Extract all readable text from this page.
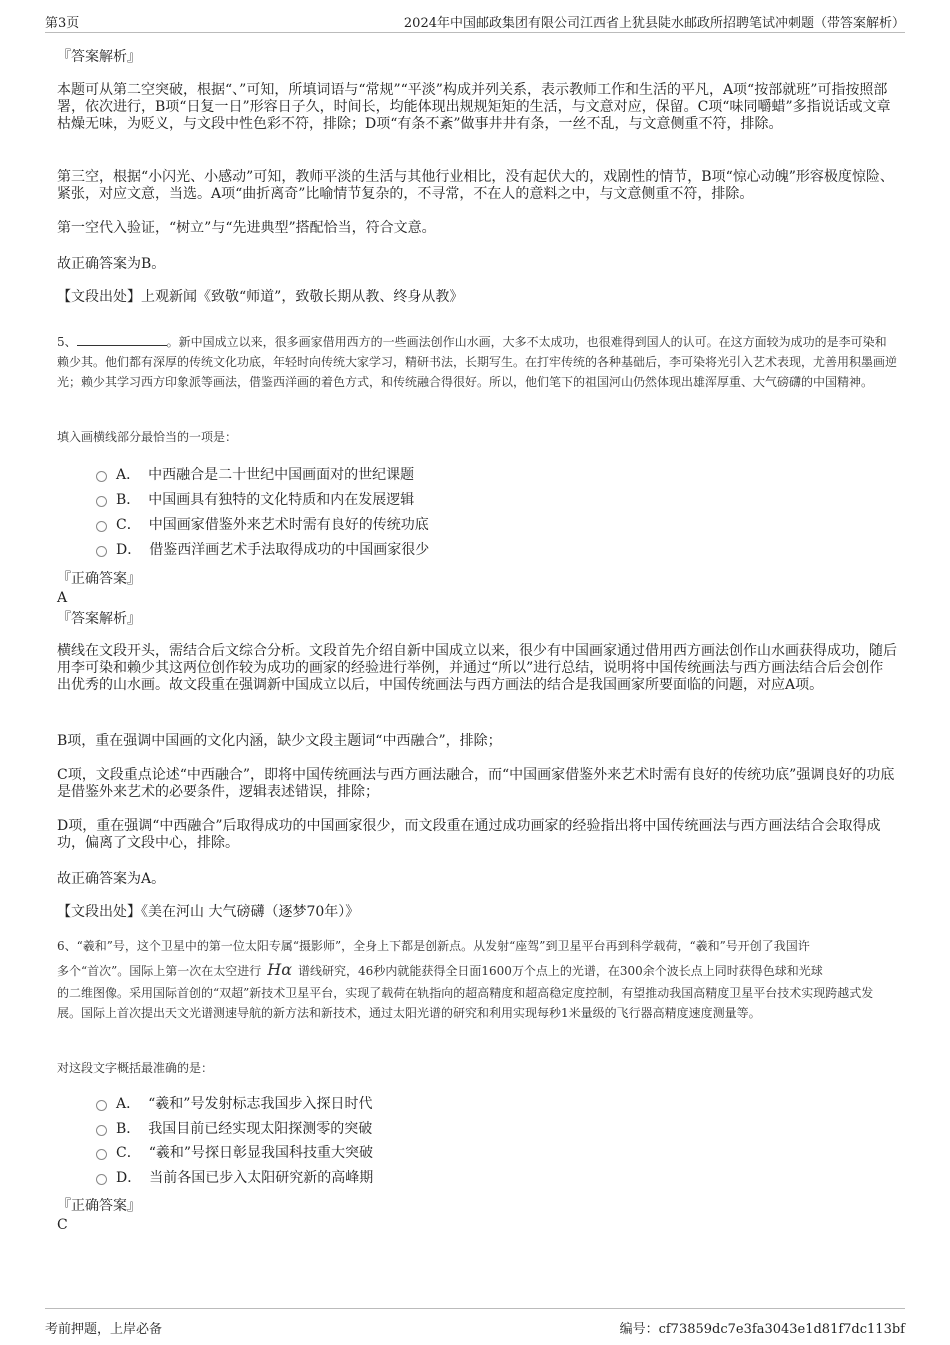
第3页	2024年中国邮政集团有限公司江西省上犹县陡水邮政所招聘笔试冲刺题（带答案解析）
『答案解析』
本题可从第二空突破，根据“、”可知，所填词语与“常规”“平淡”构成并列关系，表示教师工作和生活的平凡，A项“按部就班”可指按照部署，依次进行，B项“日复一日”形容日子久，时间长，均能体现出规规矩矩的生活，与文意对应，保留。C项“味同嚼蜡”多指说话或文章枯燥无味，为贬义，与文段中性色彩不符，排除；D项“有条不紊”做事井井有条，一丝不乱，与文意侧重不符，排除。
第三空，根据“小闪光、小感动”可知，教师平淡的生活与其他行业相比，没有起伏大的，戏剧性的情节，B项“惊心动魄”形容极度惊险、紧张，对应文意，当选。A项“曲折离奇”比喻情节复杂的，不寻常，不在人的意料之中，与文意侧重不符，排除。
第一空代入验证，“树立”与“先进典型”搭配恰当，符合文意。
故正确答案为B。
【文段出处】上观新闻《致敬“师道”，致敬长期从教、终身从教》
5、	。新中国成立以来，很多画家借用西方的一些画法创作山水画，大多不太成功，也很难得到国人的认可。在这方面较为成功的是李可染和赖少其。他们都有深厚的传统文化功底，年轻时向传统大家学习，精研书法，长期写生。在打牢传统的各种基础后，李可染将光引入艺术表现，尤善用积墨画逆光；赖少其学习西方印象派等画法，借鉴西洋画的着色方式，和传统融合得很好。所以，他们笔下的祖国河山仍然体现出雄浑厚重、大气磅礴的中国精神。
填入画横线部分最恰当的一项是：
A． 中西融合是二十世纪中国画面对的世纪课题
B． 中国画具有独特的文化特质和内在发展逻辑
C． 中国画家借鉴外来艺术时需有良好的传统功底
D． 借鉴西洋画艺术手法取得成功的中国画家很少
『正确答案』
A
『答案解析』
横线在文段开头，需结合后文综合分析。文段首先介绍自新中国成立以来，很少有中国画家通过借用西方画法创作山水画获得成功，随后用李可染和赖少其这两位创作较为成功的画家的经验进行举例，并通过“所以”进行总结，说明将中国传统画法与西方画法结合后会创作出优秀的山水画。故文段重在强调新中国成立以后，中国传统画法与西方画法的结合是我国画家所要面临的问题，对应A项。
B项，重在强调中国画的文化内涵，缺少文段主题词“中西融合”，排除；
C项，文段重点论述“中西融合”，即将中国传统画法与西方画法融合，而“中国画家借鉴外来艺术时需有良好的传统功底”强调良好的功底是借鉴外来艺术的必要条件，逻辑表述错误，排除；
D项，重在强调“中西融合”后取得成功的中国画家很少，而文段重在通过成功画家的经验指出将中国传统画法与西方画法结合会取得成功，偏离了文段中心，排除。
故正确答案为A。
【文段出处】《美在河山 大气磅礴（逐梦70年）》
6、“羲和”号，这个卫星中的第一位太阳专属“摄影师”，全身上下都是创新点。从发射“座驾”到卫星平台再到科学载荷，“羲和”号开创了我国许
多个“首次”。国际上第一次在太空进行 Hα 谱线研究，46秒内就能获得全日面1600万个点上的光谱，在300余个波长点上同时获得色球和光球
的二维图像。采用国际首创的“双超”新技术卫星平台，实现了载荷在轨指向的超高精度和超高稳定度控制，有望推动我国高精度卫星平台技术实现跨越式发展。国际上首次提出天文光谱测速导航的新方法和新技术，通过太阳光谱的研究和利用实现每秒1米量级的飞行器高精度速度测量等。
对这段文字概括最准确的是：
A． “羲和”号发射标志我国步入探日时代
B． 我国目前已经实现太阳探测零的突破
C． “羲和”号探日彰显我国科技重大突破
D． 当前各国已步入太阳研究新的高峰期
『正确答案』
C
考前押题，上岸必备	编号：cf73859dc7e3fa3043e1d81f7dc113bf
